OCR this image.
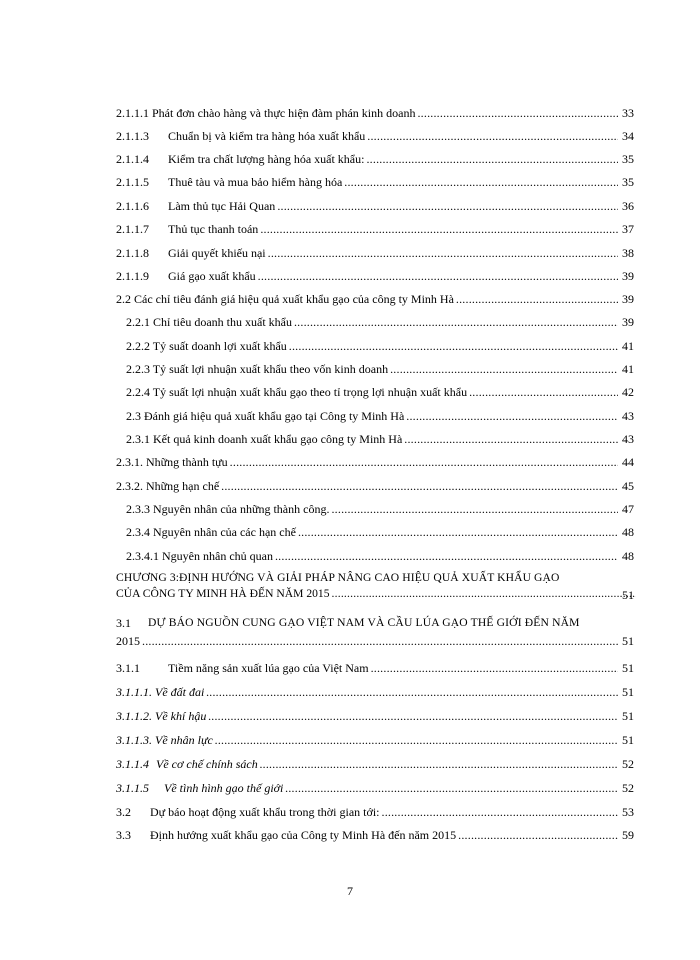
2.1.1.1 Phát đơn chào hàng và thực hiện đàm phán kinh doanh .....	33
2.1.1.3 Chuẩn bị và kiểm tra hàng hóa xuất khẩu .....	34
2.1.1.4 Kiểm tra chất lượng hàng hóa xuất khẩu: .....	35
2.1.1.5 Thuê tàu và mua bảo hiểm hàng hóa .....	35
2.1.1.6 Làm thủ tục Hải Quan .....	36
2.1.1.7 Thủ tục thanh toán .....	37
2.1.1.8 Giải quyết khiếu nại .....	38
2.1.1.9 Giá gạo xuất khẩu .....	39
2.2 Các chỉ tiêu đánh giá hiệu quả xuất khẩu gạo của công ty Minh Hà .....	39
2.2.1 Chỉ tiêu doanh thu xuất khẩu .....	39
2.2.2 Tỷ suất doanh lợi xuất khẩu .....	41
2.2.3 Tỷ suất lợi nhuận xuất khẩu theo vốn kinh doanh .....	41
2.2.4 Tỷ suất lợi nhuận xuất khẩu gạo theo tỉ trọng lợi nhuận xuất khẩu .....	42
2.3 Đánh giá hiệu quả xuất khẩu gạo tại Công ty Minh Hà .....	43
2.3.1 Kết quả kinh doanh xuất khẩu gạo công ty Minh Hà .....	43
2.3.1. Những thành tựu .....	44
2.3.2. Những hạn chế .....	45
2.3.3 Nguyên nhân của những thành công. .....	47
2.3.4 Nguyên nhân của các hạn chế .....	48
2.3.4.1 Nguyên nhân chủ quan .....	48
CHƯƠNG 3:ĐỊNH HƯỚNG VÀ GIẢI PHÁP NÂNG CAO HIỆU QUẢ XUẤT KHẨU GẠO
CỦA CÔNG TY MINH HÀ ĐẾN NĂM 2015 .....	51
3.1 DỰ BÁO NGUỒN CUNG GẠO VIỆT NAM VÀ CẦU LÚA GẠO THẾ GIỚI ĐẾN NĂM
2015 .....	51
3.1.1 Tiềm năng sản xuất lúa gạo của Việt Nam .....	51
3.1.1.1. Về đất đai .....	51
3.1.1.2. Về khí hậu .....	51
3.1.1.3. Về nhân lực .....	51
3.1.1.4 Về cơ chế chính sách .....	52
3.1.1.5 Về tình hình gạo thế giới .....	52
3.2 Dự báo hoạt động xuất khẩu trong thời gian tới: .....	53
3.3 Định hướng xuất khẩu gạo của Công ty Minh Hà đến năm 2015 .....	59
7
